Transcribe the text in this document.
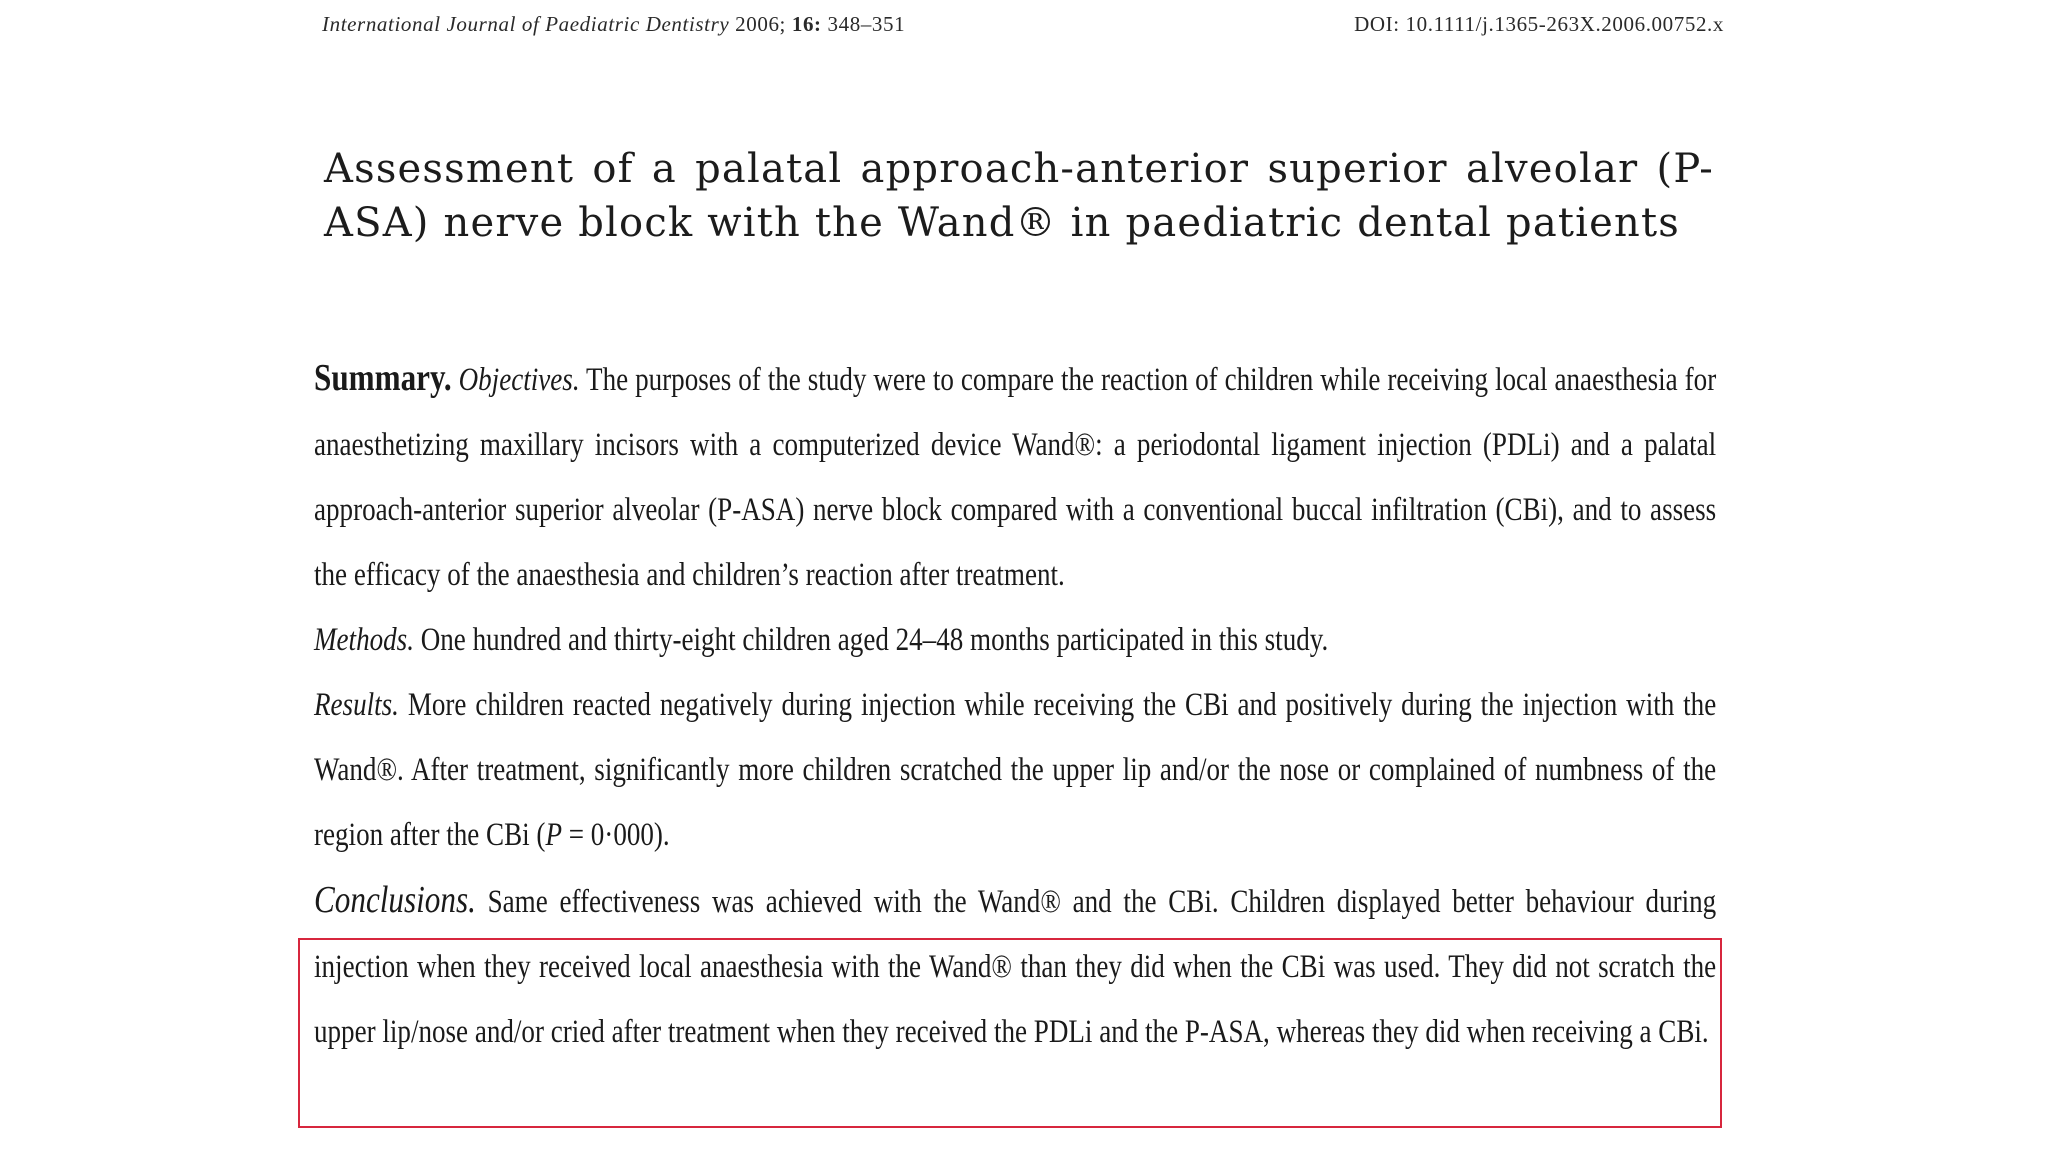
International Journal of Paediatric Dentistry 2006; 16: 348–351	DOI: 10.1111/j.1365-263X.2006.00752.x
Assessment of a palatal approach-anterior superior alveolar (P-ASA) nerve block with the Wand® in paediatric dental patients

Summary. Objectives. The purposes of the study were to compare the reaction of children while receiving local anaesthesia for anaesthetizing maxillary incisors with a computerized device Wand®: a periodontal ligament injection (PDLi) and a palatal approach-anterior superior alveolar (P-ASA) nerve block compared with a conventional buccal infiltration (CBi), and to assess the efficacy of the anaesthesia and children’s reaction after treatment.

Methods. One hundred and thirty-eight children aged 24–48 months participated in this study.

Results. More children reacted negatively during injection while receiving the CBi and positively during the injection with the Wand®. After treatment, significantly more children scratched the upper lip and/or the nose or complained of numbness of the region after the CBi (P = 0·000).

Conclusions. Same effectiveness was achieved with the Wand® and the CBi. Children displayed better behaviour during injection when they received local anaesthesia with the Wand® than they did when the CBi was used. They did not scratch the upper lip/nose and/or cried after treatment when they received the PDLi and the P-ASA, whereas they did when receiving a CBi.
